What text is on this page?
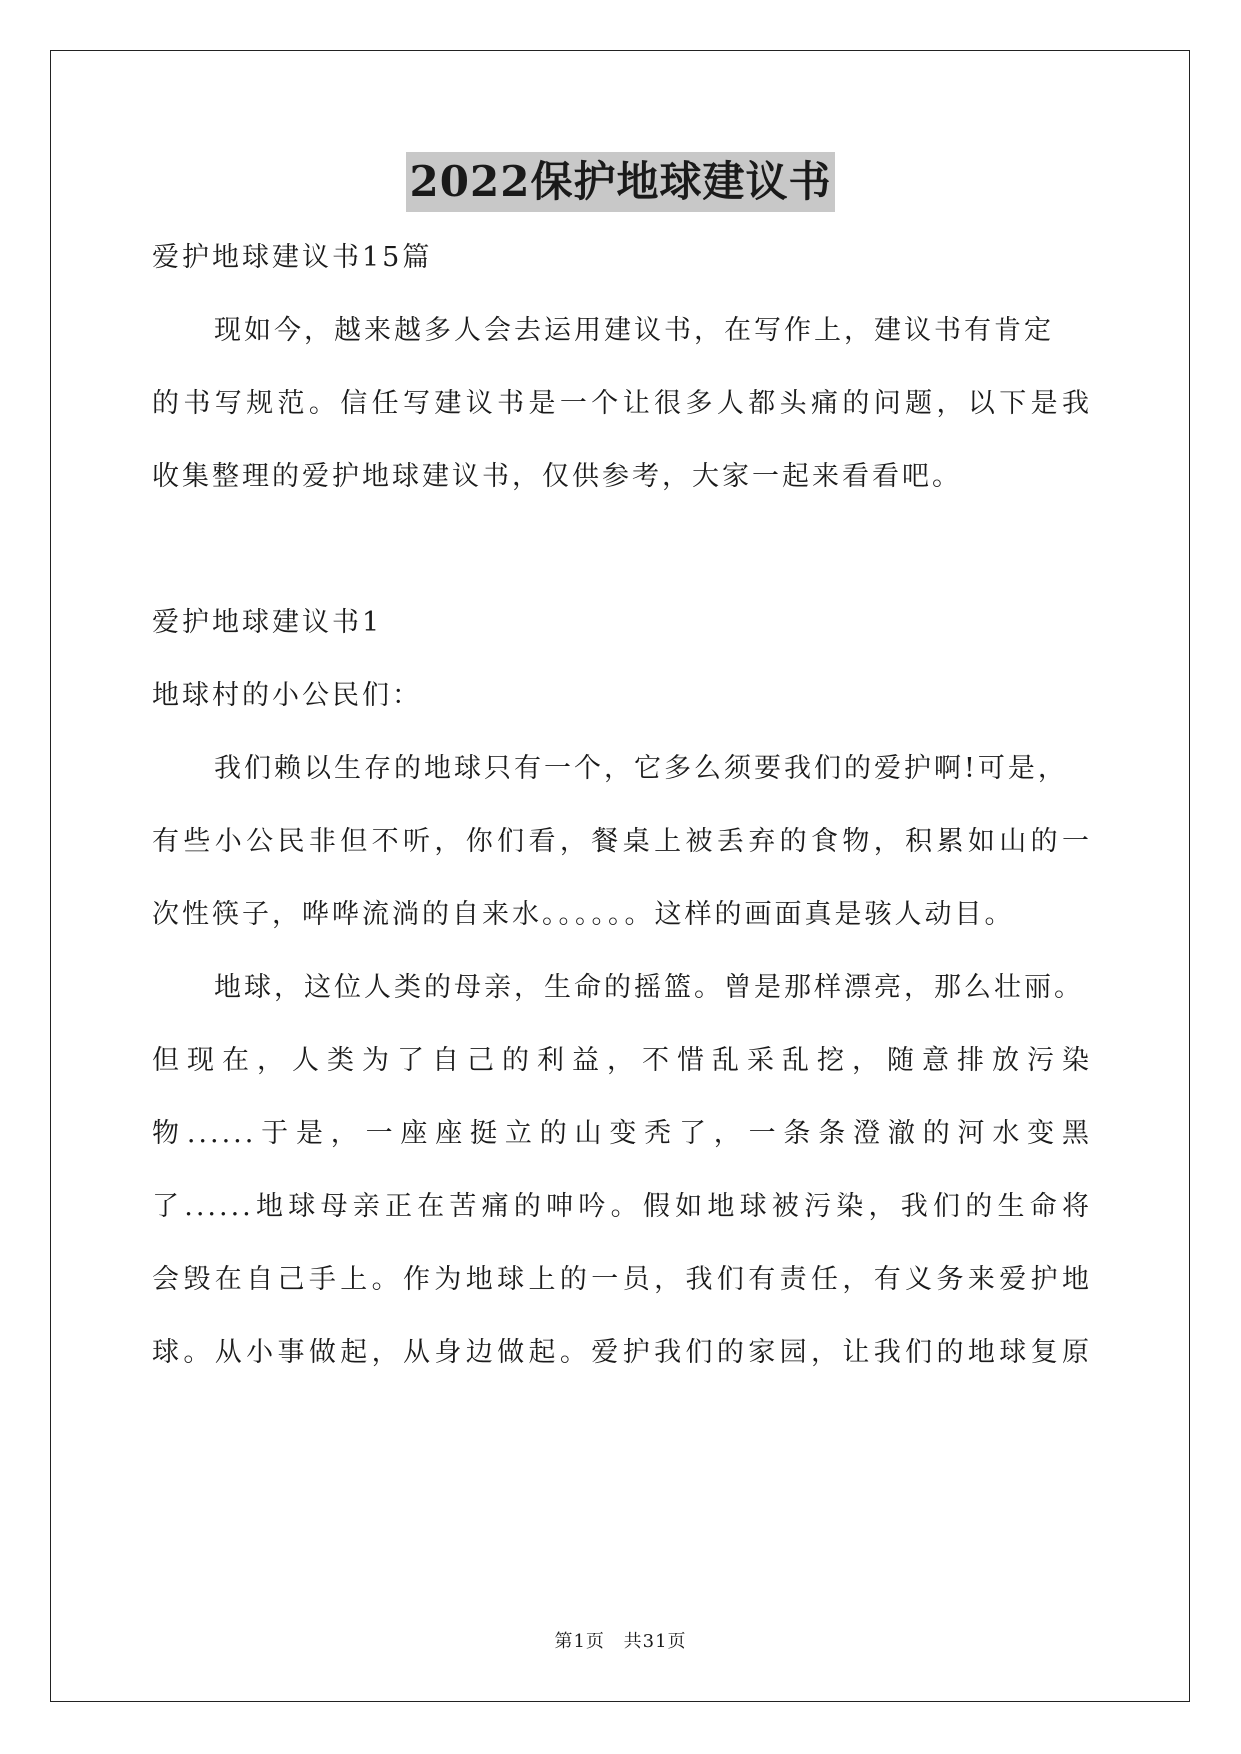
2022保护地球建议书

爱护地球建议书15篇

现如今，越来越多人会去运用建议书，在写作上，建议书有肯定

的书写规范。信任写建议书是一个让很多人都头痛的问题，以下是我

收集整理的爱护地球建议书，仅供参考，大家一起来看看吧。

爱护地球建议书1

地球村的小公民们：

我们赖以生存的地球只有一个，它多么须要我们的爱护啊!可是，

有些小公民非但不听，你们看，餐桌上被丢弃的食物，积累如山的一

次性筷子，哗哗流淌的自来水。。。。。。这样的画面真是骇人动目。

地球，这位人类的母亲，生命的摇篮。曾是那样漂亮，那么壮丽。

但现在，人类为了自己的利益，不惜乱采乱挖，随意排放污染

物......于是，一座座挺立的山变秃了，一条条澄澈的河水变黑

了......地球母亲正在苦痛的呻吟。假如地球被污染，我们的生命将

会毁在自己手上。作为地球上的一员，我们有责任，有义务来爱护地

球。从小事做起，从身边做起。爱护我们的家园，让我们的地球复原

第1页 共31页
